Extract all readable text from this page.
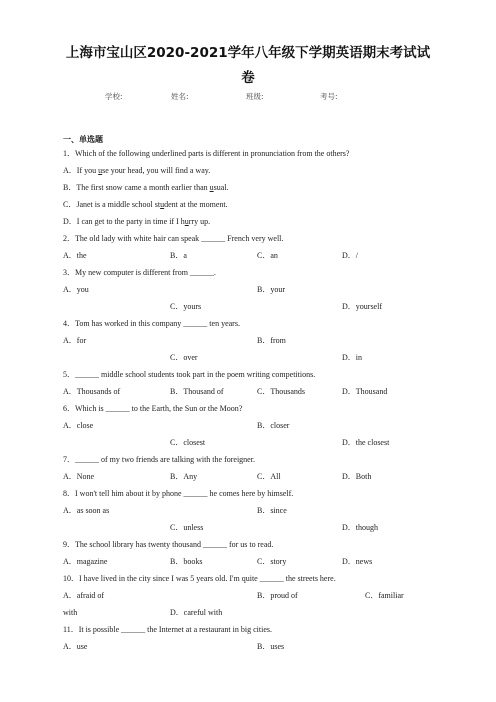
上海市宝山区2020-2021学年八年级下学期英语期末考试试
卷
学校:	姓名:	班级:	考号:
一、单选题
1．Which of the following underlined parts is different in pronunciation from the others?
A．If you use your head, you will find a way.
B．The first snow came a month earlier than usual.
C．Janet is a middle school student at the moment.
D．I can get to the party in time if I hurry up.
2．The old lady with white hair can speak ______ French very well.
A．the	B．a	C．an	D．/
3．My new computer is different from ______.
A．you	B．your
C．yours	D．yourself
4．Tom has worked in this company ______ ten years.
A．for	B．from
C．over	D．in
5．______ middle school students took part in the poem writing competitions.
A．Thousands of	B．Thousand of	C．Thousands	D．Thousand
6．Which is ______ to the Earth, the Sun or the Moon?
A．close	B．closer
C．closest	D．the closest
7．______ of my two friends are talking with the foreigner.
A．None	B．Any	C．All	D．Both
8．I won't tell him about it by phone ______ he comes here by himself.
A．as soon as	B．since
C．unless	D．though
9．The school library has twenty thousand ______ for us to read.
A．magazine	B．books	C．story	D．news
10．I have lived in the city since I was 5 years old. I'm quite ______ the streets here.
A．afraid of	B．proud of	C．familiar
with	D．careful with
11．It is possible ______ the Internet at a restaurant in big cities.
A．use	B．uses
